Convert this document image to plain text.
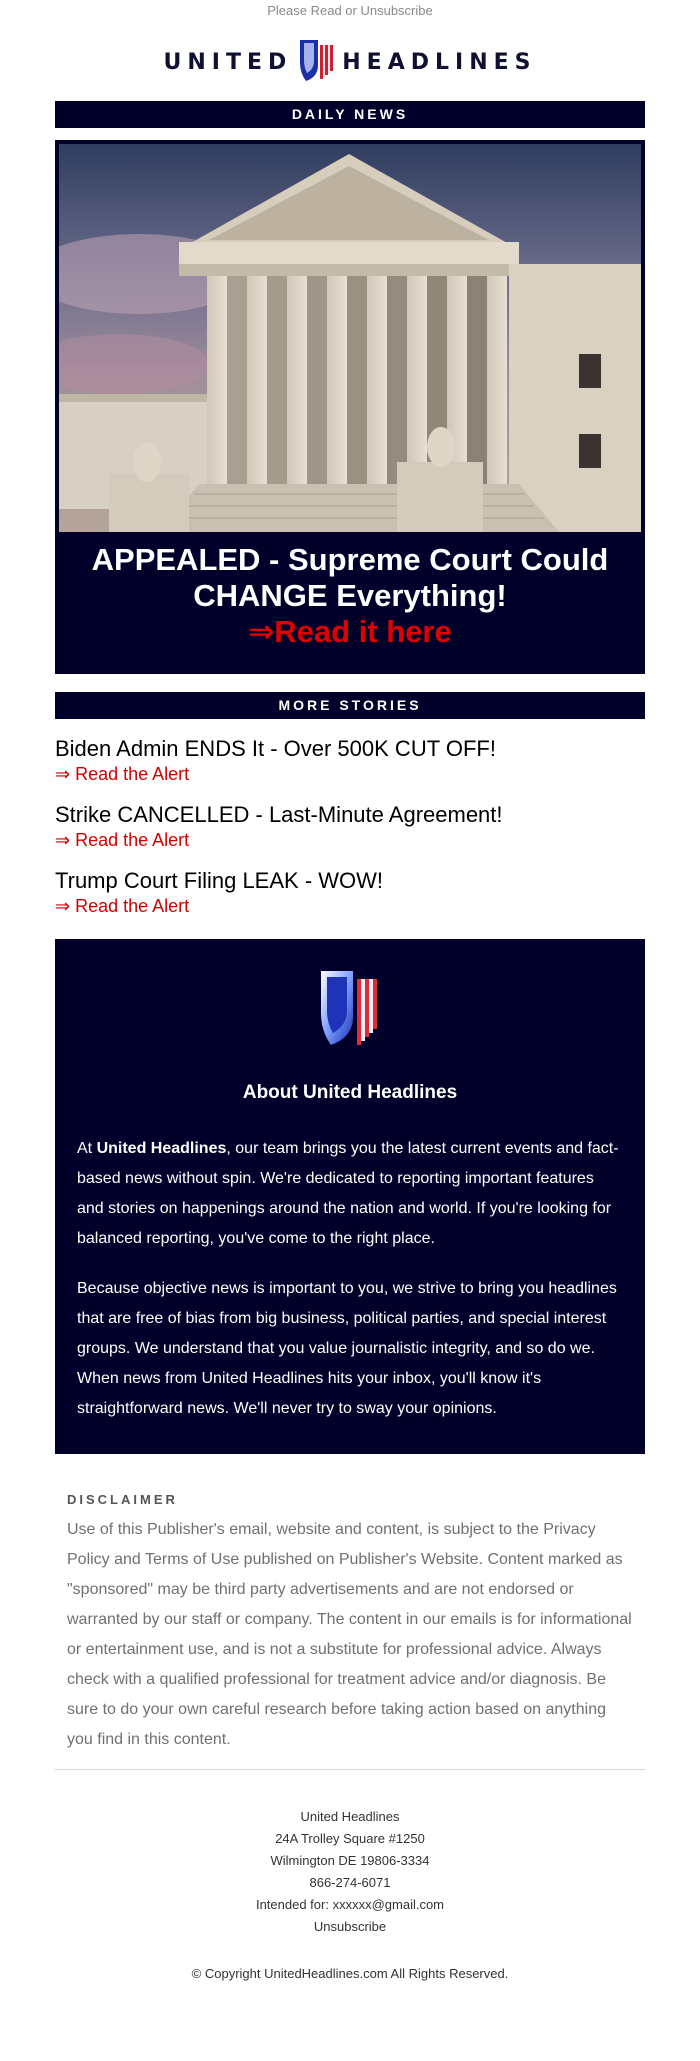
Please Read or Unsubscribe
UNITED HEADLINES
DAILY NEWS
APPEALED - Supreme Court Could CHANGE Everything!
⇒Read it here
MORE STORIES
Biden Admin ENDS It - Over 500K CUT OFF!
⇒ Read the Alert
Strike CANCELLED - Last-Minute Agreement!
⇒ Read the Alert
Trump Court Filing LEAK - WOW!
⇒ Read the Alert
About United Headlines

At United Headlines, our team brings you the latest current events and fact-based news without spin. We're dedicated to reporting important features and stories on happenings around the nation and world. If you're looking for balanced reporting, you've come to the right place.

Because objective news is important to you, we strive to bring you headlines that are free of bias from big business, political parties, and special interest groups. We understand that you value journalistic integrity, and so do we. When news from United Headlines hits your inbox, you'll know it's straightforward news. We'll never try to sway your opinions.

DISCLAIMER
Use of this Publisher's email, website and content, is subject to the Privacy Policy and Terms of Use published on Publisher's Website. Content marked as "sponsored" may be third party advertisements and are not endorsed or warranted by our staff or company. The content in our emails is for informational or entertainment use, and is not a substitute for professional advice. Always check with a qualified professional for treatment advice and/or diagnosis. Be sure to do your own careful research before taking action based on anything you find in this content.
United Headlines
24A Trolley Square #1250
Wilmington DE 19806-3334
866-274-6071
Intended for: xxxxxx@gmail.com
Unsubscribe
© Copyright UnitedHeadlines.com All Rights Reserved.
